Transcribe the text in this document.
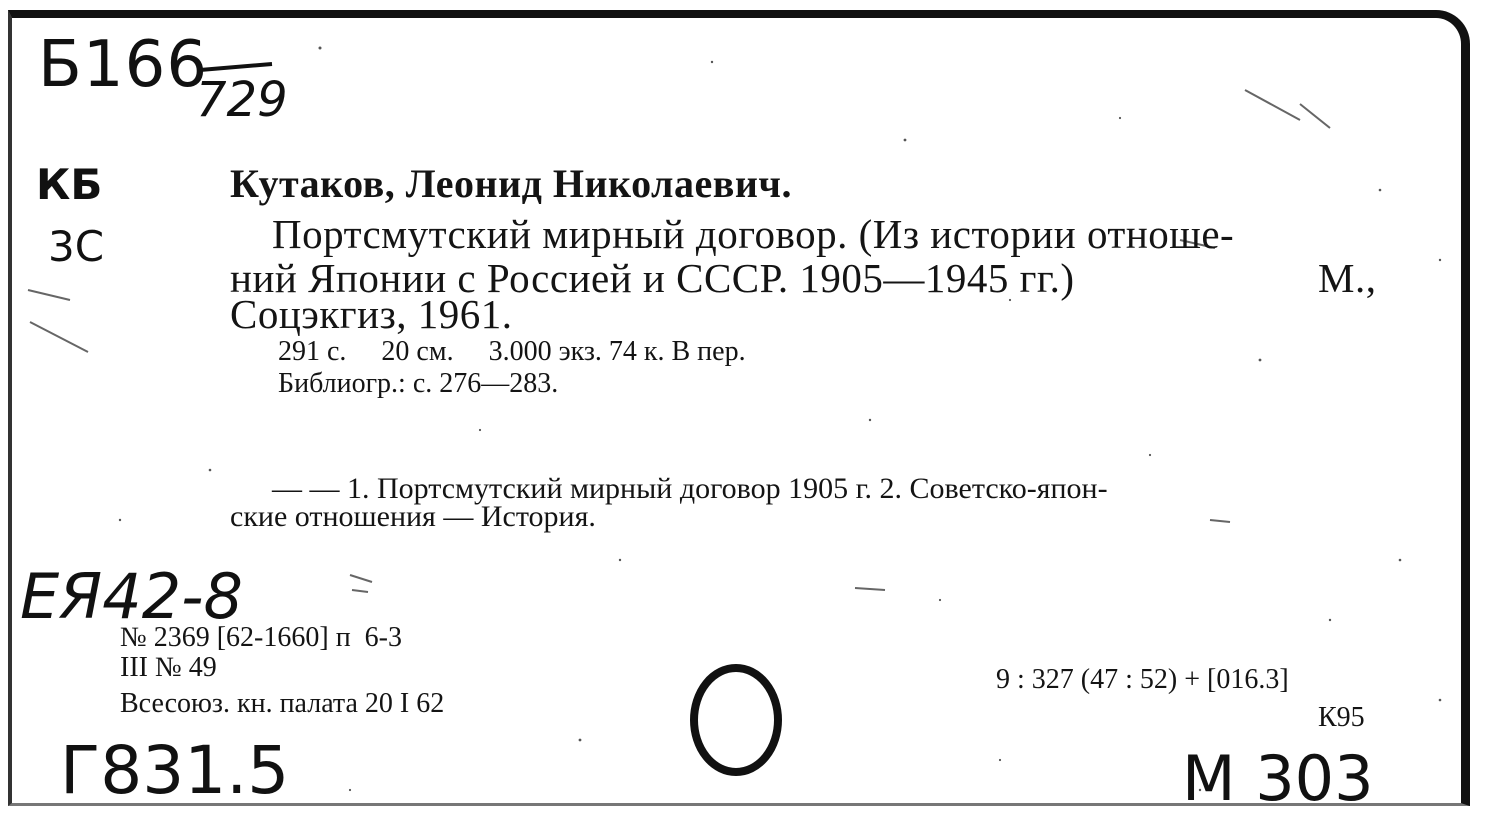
Б166
729
КБ
3С
ЕЯ42-8
Г831.5	М 303
Кутаков, Леонид Николаевич.
Портсмутский мирный договор. (Из истории отноше-
ний Японии с Россией и СССР. 1905—1945 гг.)	М.,
Соцэкгиз, 1961.
291 с.     20 см.     3.000 экз. 74 к. В пер.
Библиогр.: с. 276—283.
— — 1. Портсмутский мирный договор 1905 г. 2. Советско-япон-
ские отношения — История.
№ 2369 [62-1660] п  6-3
III № 49
Всесоюз. кн. палата 20 I 62
9 : 327 (47 : 52) + [016.3]
К95
